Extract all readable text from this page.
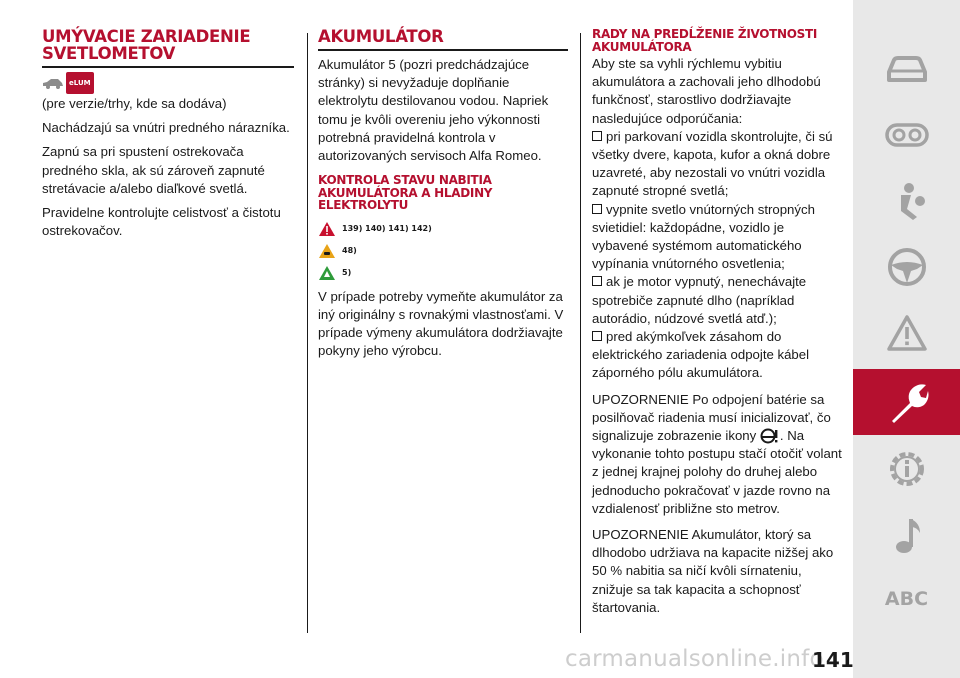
UMÝVACIE ZARIADENIE SVETLOMETOV
eLUM

(pre verzie/trhy, kde sa dodáva)

Nachádzajú sa vnútri predného nárazníka.

Zapnú sa pri spustení ostrekovača predného skla, ak sú zároveň zapnuté stretávacie a/alebo diaľkové svetlá.

Pravidelne kontrolujte celistvosť a čistotu ostrekovačov.

AKUMULÁTOR

Akumulátor 5 (pozri predchádzajúce stránky) si nevyžaduje doplňanie elektrolytu destilovanou vodou. Napriek tomu je kvôli overeniu jeho výkonnosti potrebná pravidelná kontrola v autorizovaných servisoch Alfa Romeo.

KONTROLA STAVU NABITIA AKUMULÁTORA A HLADINY ELEKTROLYTU
139) 140) 141) 142)
48)
5)

V prípade potreby vymeňte akumulátor za iný originálny s rovnakými vlastnosťami. V prípade výmeny akumulátora dodržiavajte pokyny jeho výrobcu.

RADY NA PREDĹŽENIE ŽIVOTNOSTI AKUMULÁTORA

Aby ste sa vyhli rýchlemu vybitiu akumulátora a zachovali jeho dlhodobú funkčnosť, starostlivo dodržiavajte nasledujúce odporúčania:

pri parkovaní vozidla skontrolujte, či sú všetky dvere, kapota, kufor a okná dobre uzavreté, aby nezostali vo vnútri vozidla zapnuté stropné svetlá;

vypnite svetlo vnútorných stropných svietidiel: každopádne, vozidlo je vybavené systémom automatického vypínania vnútorného osvetlenia;

ak je motor vypnutý, nenechávajte spotrebiče zapnuté dlho (napríklad autorádio, núdzové svetlá atď.);

pred akýmkoľvek zásahom do elektrického zariadenia odpojte kábel záporného pólu akumulátora.

UPOZORNENIE Po odpojení batérie sa posilňovač riadenia musí inicializovať, čo signalizuje zobrazenie ikony . Na vykonanie tohto postupu stačí otočiť volant z jednej krajnej polohy do druhej alebo jednoducho pokračovať v jazde rovno na vzdialenosť približne sto metrov.

UPOZORNENIE Akumulátor, ktorý sa dlhodobo udržiava na kapacite nižšej ako 50 % nabitia sa ničí kvôli sírnateniu, znižuje sa tak kapacita a schopnosť štartovania.	ABC
carmanualsonline.info
141
